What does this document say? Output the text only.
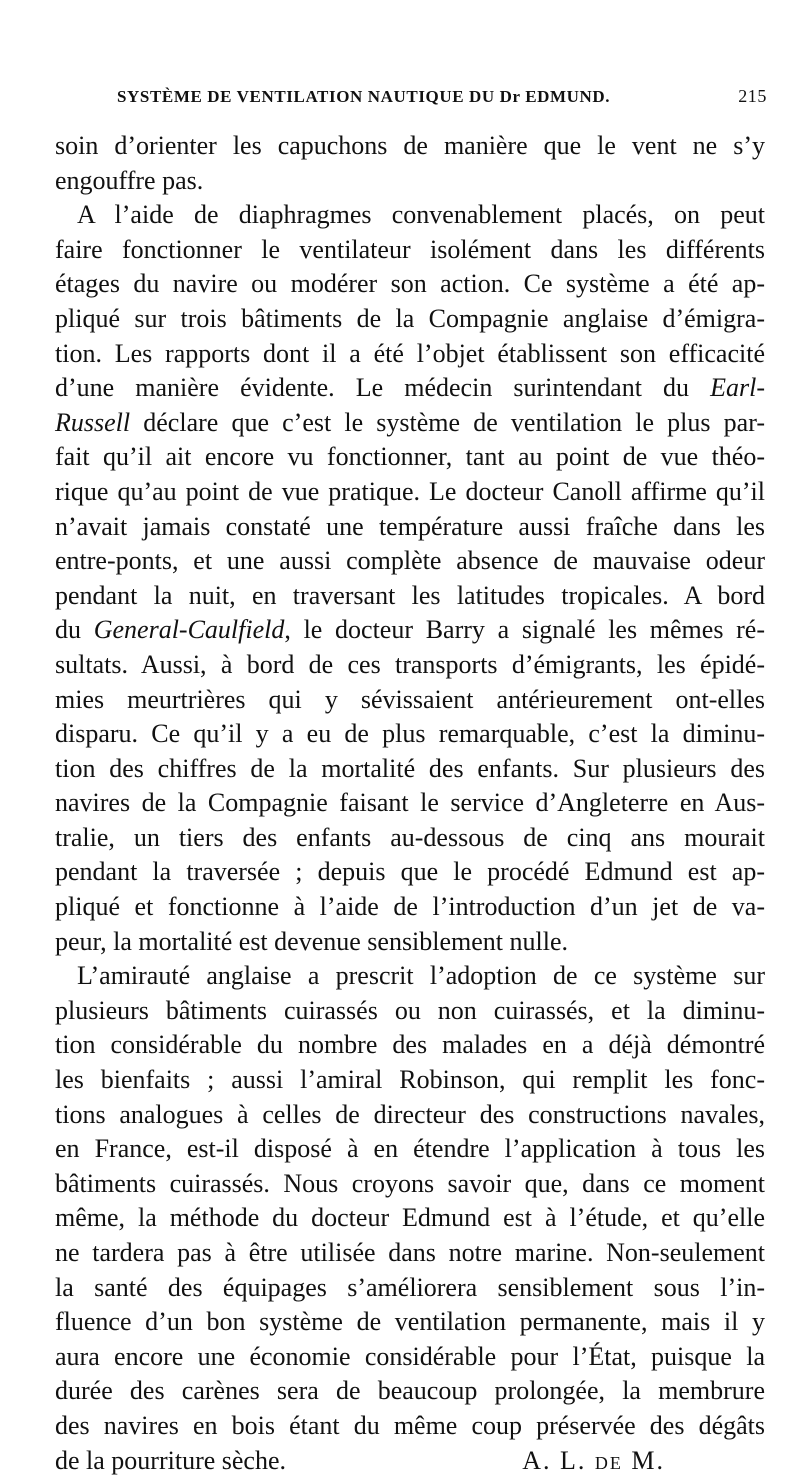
SYSTÈME DE VENTILATION NAUTIQUE DU Dr EDMUND.	215
soin d’orienter les capuchons de manière que le vent ne s’y
engouffre pas.
A l’aide de diaphragmes convenablement placés, on peut
faire fonctionner le ventilateur isolément dans les différents
étages du navire ou modérer son action. Ce système a été ap-
pliqué sur trois bâtiments de la Compagnie anglaise d’émigra-
tion. Les rapports dont il a été l’objet établissent son efficacité
d’une manière évidente. Le médecin surintendant du Earl-
Russell déclare que c’est le système de ventilation le plus par-
fait qu’il ait encore vu fonctionner, tant au point de vue théo-
rique qu’au point de vue pratique. Le docteur Canoll affirme qu’il
n’avait jamais constaté une température aussi fraîche dans les
entre-ponts, et une aussi complète absence de mauvaise odeur
pendant la nuit, en traversant les latitudes tropicales. A bord
du General-Caulfield, le docteur Barry a signalé les mêmes ré-
sultats. Aussi, à bord de ces transports d’émigrants, les épidé-
mies meurtrières qui y sévissaient antérieurement ont-elles
disparu. Ce qu’il y a eu de plus remarquable, c’est la diminu-
tion des chiffres de la mortalité des enfants. Sur plusieurs des
navires de la Compagnie faisant le service d’Angleterre en Aus-
tralie, un tiers des enfants au-dessous de cinq ans mourait
pendant la traversée ; depuis que le procédé Edmund est ap-
pliqué et fonctionne à l’aide de l’introduction d’un jet de va-
peur, la mortalité est devenue sensiblement nulle.
L’amirauté anglaise a prescrit l’adoption de ce système sur
plusieurs bâtiments cuirassés ou non cuirassés, et la diminu-
tion considérable du nombre des malades en a déjà démontré
les bienfaits ; aussi l’amiral Robinson, qui remplit les fonc-
tions analogues à celles de directeur des constructions navales,
en France, est-il disposé à en étendre l’application à tous les
bâtiments cuirassés. Nous croyons savoir que, dans ce moment
même, la méthode du docteur Edmund est à l’étude, et qu’elle
ne tardera pas à être utilisée dans notre marine. Non-seulement
la santé des équipages s’améliorera sensiblement sous l’in-
fluence d’un bon système de ventilation permanente, mais il y
aura encore une économie considérable pour l’État, puisque la
durée des carènes sera de beaucoup prolongée, la membrure
des navires en bois étant du même coup préservée des dégâts
de la pourriture sèche.	A. L. de M.
